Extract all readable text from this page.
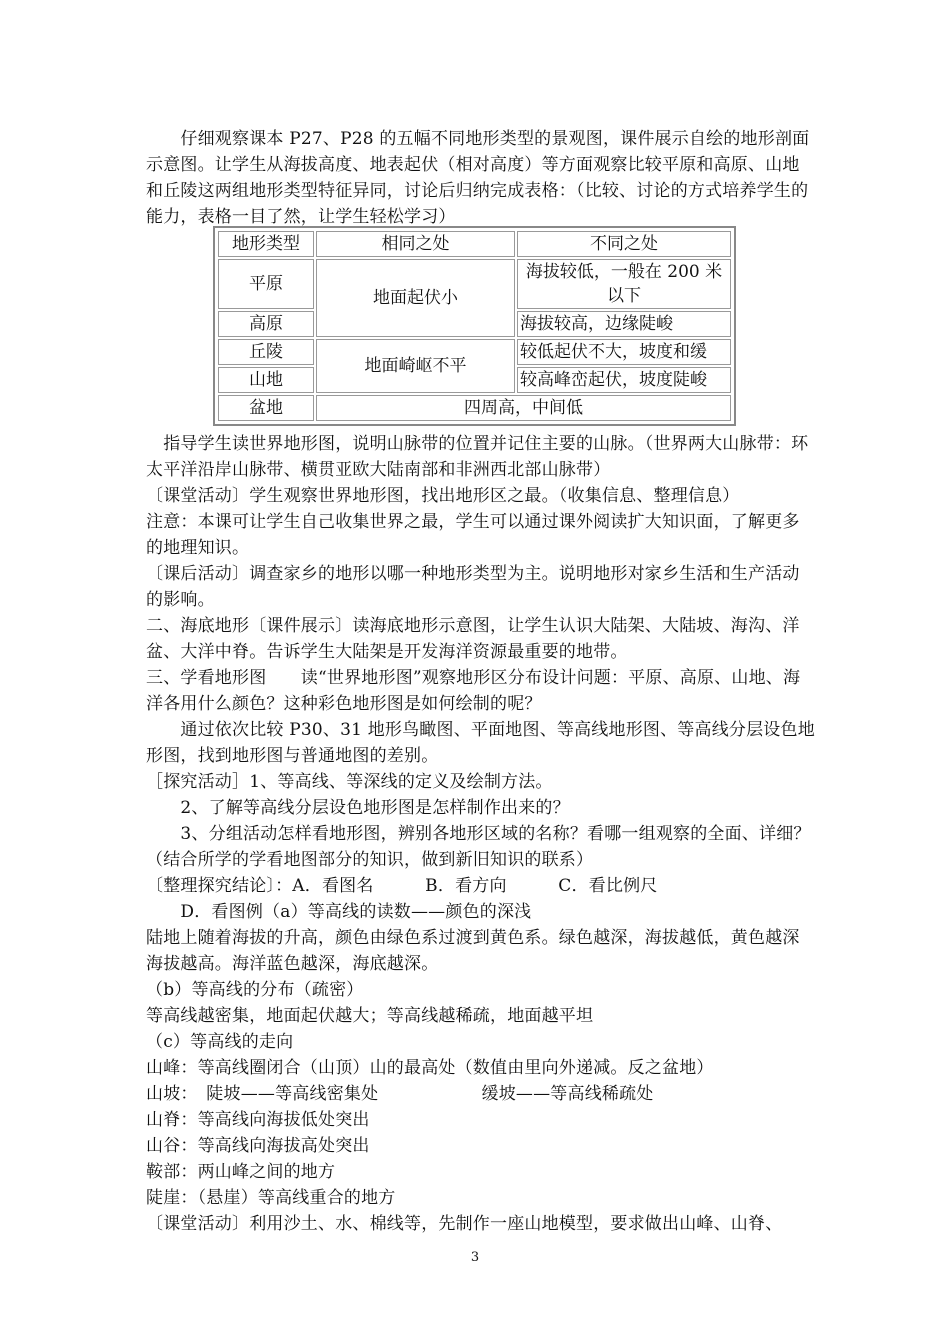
　　仔细观察课本 P27、P28 的五幅不同地形类型的景观图，课件展示自绘的地形剖面示意图。让学生从海拔高度、地表起伏（相对高度）等方面观察比较平原和高原、山地和丘陵这两组地形类型特征异同，讨论后归纳完成表格：（比较、讨论的方式培养学生的能力，表格一目了然，让学生轻松学习）

地形类型	相同之处	不同之处
平原	地面起伏小	海拔较低，一般在 200 米以下
高原		海拔较高，边缘陡峻
丘陵	地面崎岖不平	较低起伏不大，坡度和缓
山地		较高峰峦起伏，坡度陡峻
盆地	四周高，中间低	

　指导学生读世界地形图，说明山脉带的位置并记住主要的山脉。（世界两大山脉带：环太平洋沿岸山脉带、横贯亚欧大陆南部和非洲西北部山脉带）

〔课堂活动〕学生观察世界地形图，找出地形区之最。（收集信息、整理信息）

注意：本课可让学生自己收集世界之最，学生可以通过课外阅读扩大知识面，了解更多的地理知识。

〔课后活动〕调查家乡的地形以哪一种地形类型为主。说明地形对家乡生活和生产活动的影响。

二、海底地形〔课件展示〕读海底地形示意图，让学生认识大陆架、大陆坡、海沟、洋盆、大洋中脊。告诉学生大陆架是开发海洋资源最重要的地带。

三、学看地形图　　读“世界地形图”观察地形区分布设计问题：平原、高原、山地、海洋各用什么颜色？这种彩色地形图是如何绘制的呢？

　　通过依次比较 P30、31 地形鸟瞰图、平面地图、等高线地形图、等高线分层设色地形图，找到地形图与普通地图的差别。

［探究活动］1、等高线、等深线的定义及绘制方法。

　　2、了解等高线分层设色地形图是怎样制作出来的？

　　3、分组活动怎样看地形图，辨别各地形区域的名称？看哪一组观察的全面、详细？（结合所学的学看地图部分的知识，做到新旧知识的联系）

〔整理探究结论〕：A．看图名　　　B．看方向　　　C．看比例尺

　　D．看图例（a）等高线的读数——颜色的深浅

陆地上随着海拔的升高，颜色由绿色系过渡到黄色系。绿色越深，海拔越低，黄色越深海拔越高。海洋蓝色越深，海底越深。

（b）等高线的分布（疏密）

等高线越密集，地面起伏越大；等高线越稀疏，地面越平坦

（c）等高线的走向

山峰：等高线圈闭合（山顶）山的最高处（数值由里向外递减。反之盆地）

山坡：　陡坡——等高线密集处　　　　　　缓坡——等高线稀疏处

山脊：等高线向海拔低处突出

山谷：等高线向海拔高处突出

鞍部：两山峰之间的地方

陡崖：（悬崖）等高线重合的地方

〔课堂活动〕利用沙土、水、棉线等，先制作一座山地模型，要求做出山峰、山脊、

3
